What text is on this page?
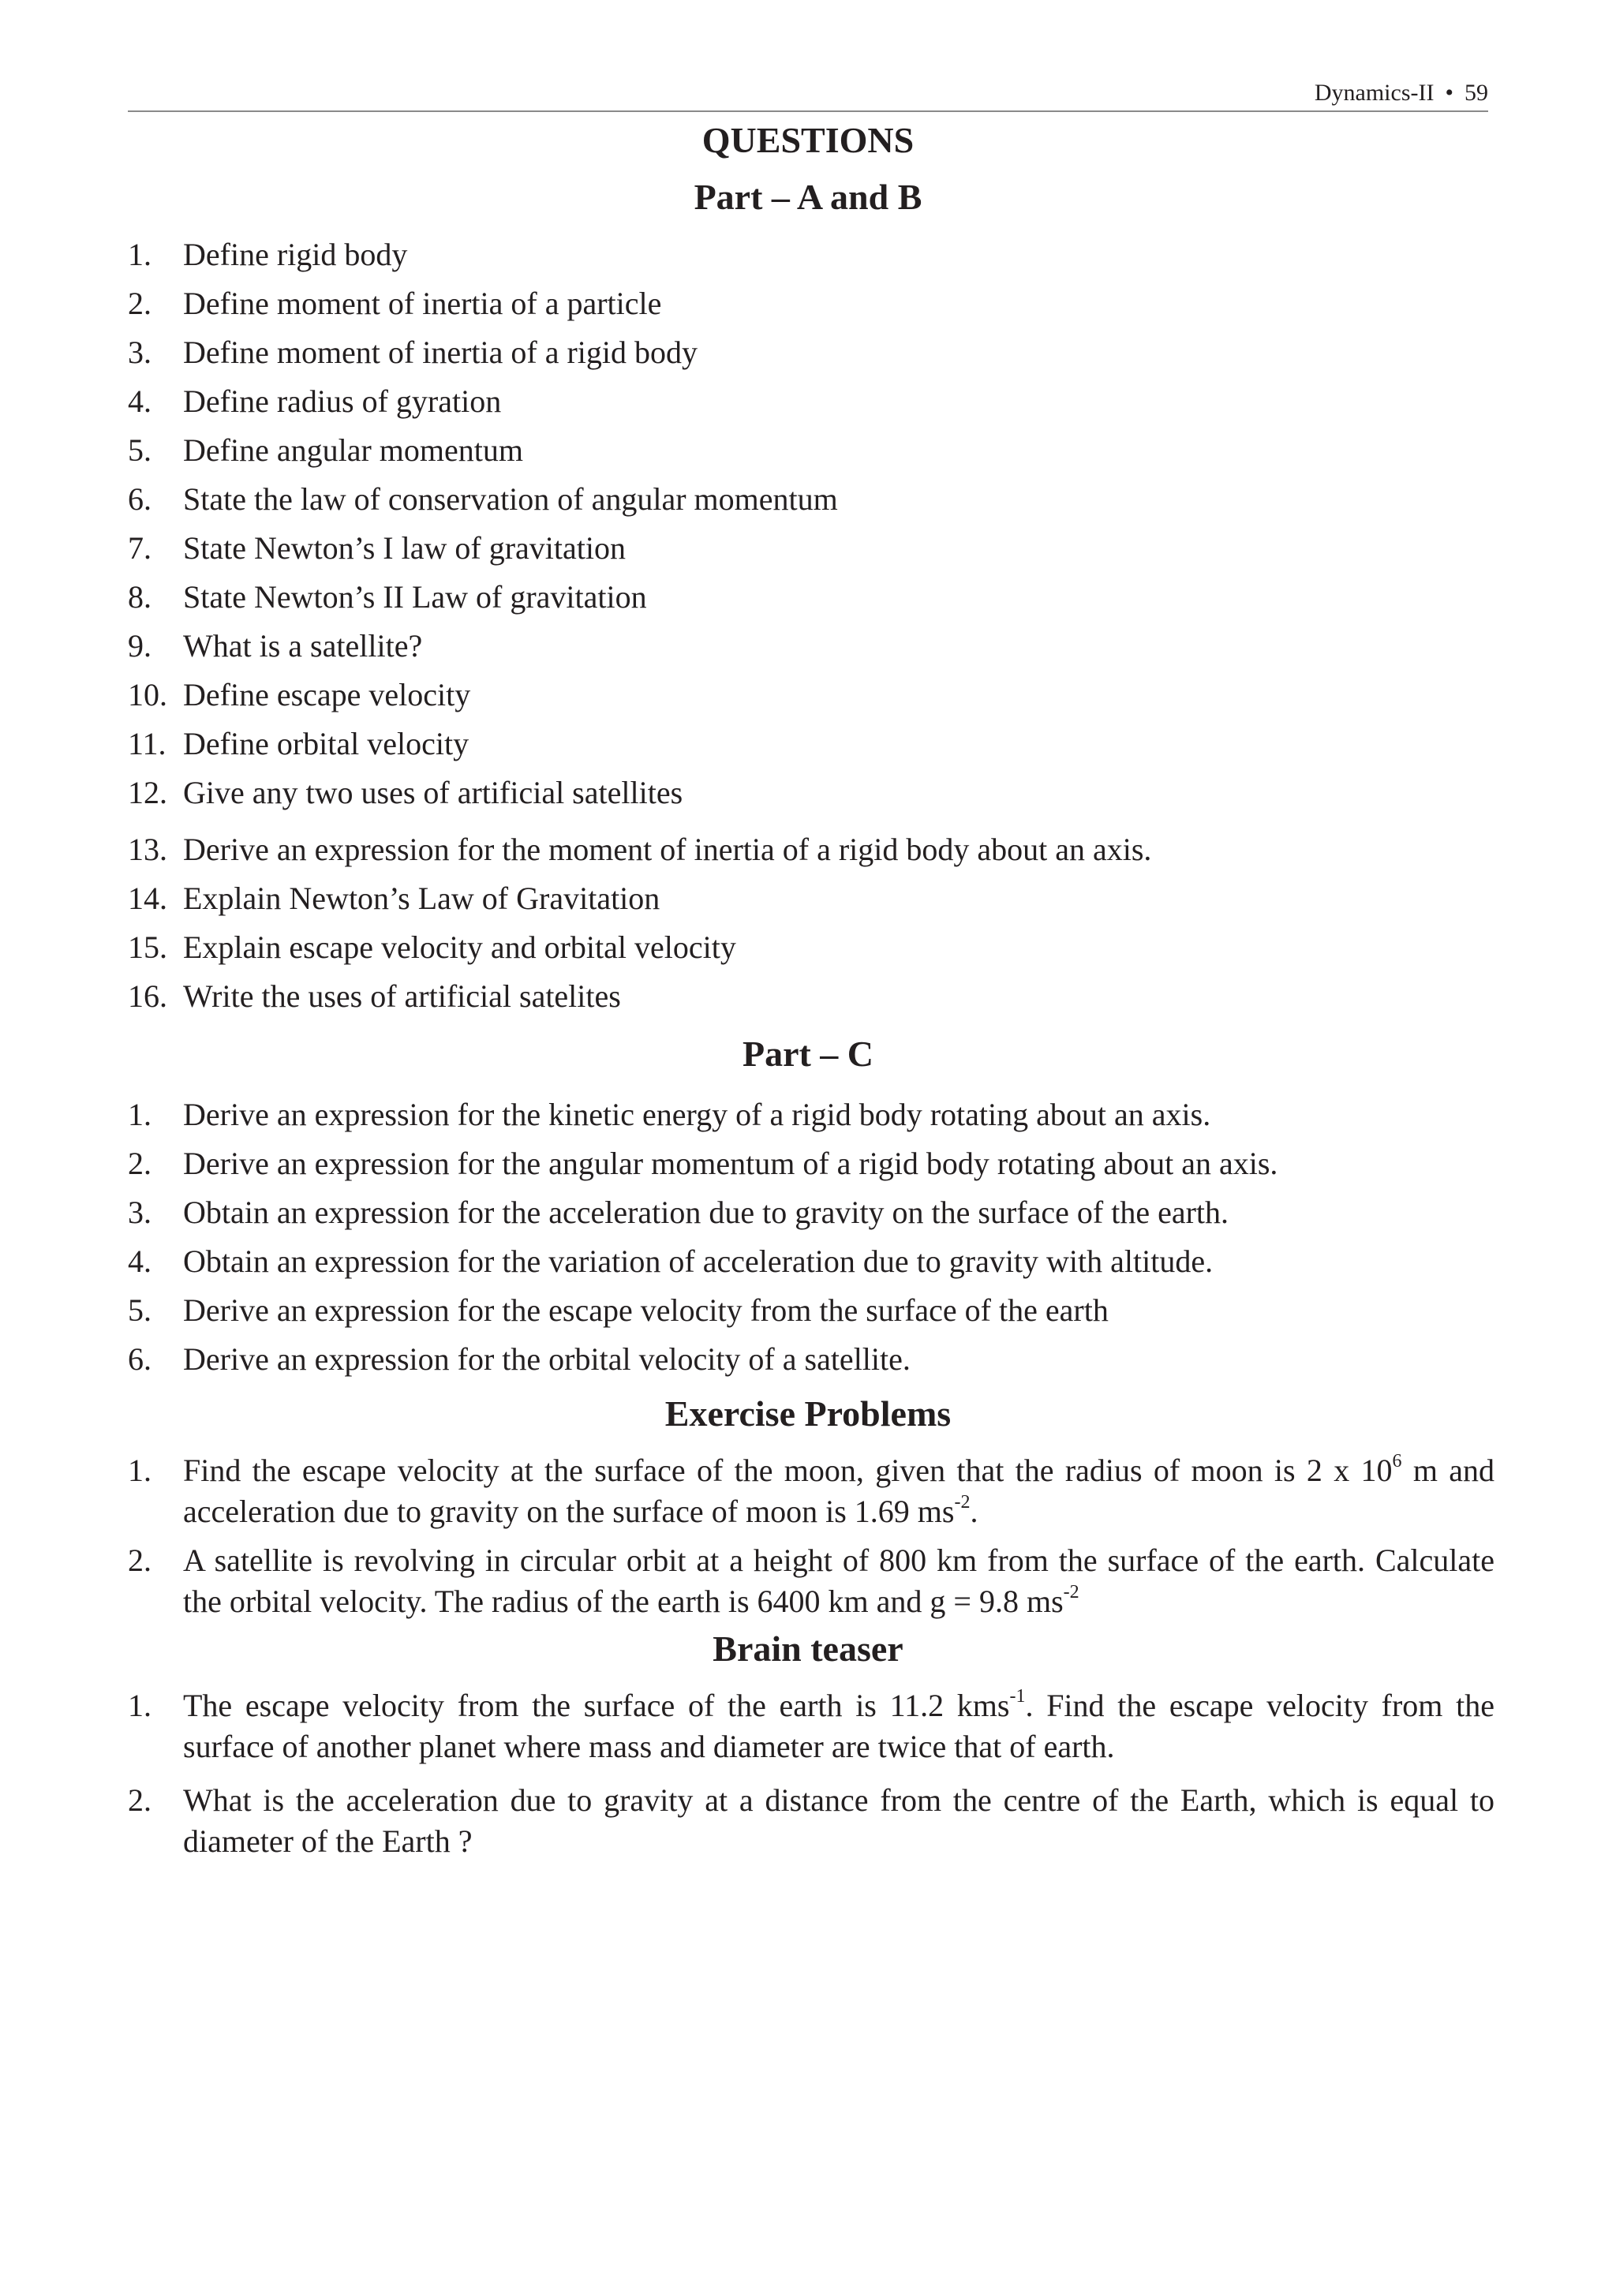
Dynamics-II • 59
QUESTIONS
Part – A and B
1. Define rigid body
2. Define moment of inertia of a particle
3. Define moment of inertia of a rigid body
4. Define radius of gyration
5. Define angular momentum
6. State the law of conservation of angular momentum
7. State Newton’s I law of gravitation
8. State Newton’s II Law of gravitation
9. What is a satellite?
10. Define escape velocity
11. Define orbital velocity
12. Give any two uses of artificial satellites
13. Derive an expression for the moment of inertia of a rigid body about an axis.
14. Explain Newton’s Law of Gravitation
15. Explain escape velocity and orbital velocity
16. Write the uses of artificial satelites
Part – C
1. Derive an expression for the kinetic energy of a rigid body rotating about an axis.
2. Derive an expression for the angular momentum of a rigid body rotating about an axis.
3. Obtain an expression for the acceleration due to gravity on the surface of the earth.
4. Obtain an expression for the variation of acceleration due to gravity with altitude.
5. Derive an expression for the escape velocity from the surface of the earth
6. Derive an expression for the orbital velocity of a satellite.
Exercise Problems
1. Find the escape velocity at the surface of the moon, given that the radius of moon is 2 x $10^6$ m and acceleration due to gravity on the surface of moon is 1.69 $ms^{-2}$.
2. A satellite is revolving in circular orbit at a height of 800 km from the surface of the earth. Calculate the orbital velocity. The radius of the earth is 6400 km and g = 9.8 $ms^{-2}$
Brain teaser
1. The escape velocity from the surface of the earth is 11.2 kms$^{-1}$. Find the escape velocity from the surface of another planet where mass and diameter are twice that of earth.
2. What is the acceleration due to gravity at a distance from the centre of the Earth, which is equal to diameter of the Earth ?
